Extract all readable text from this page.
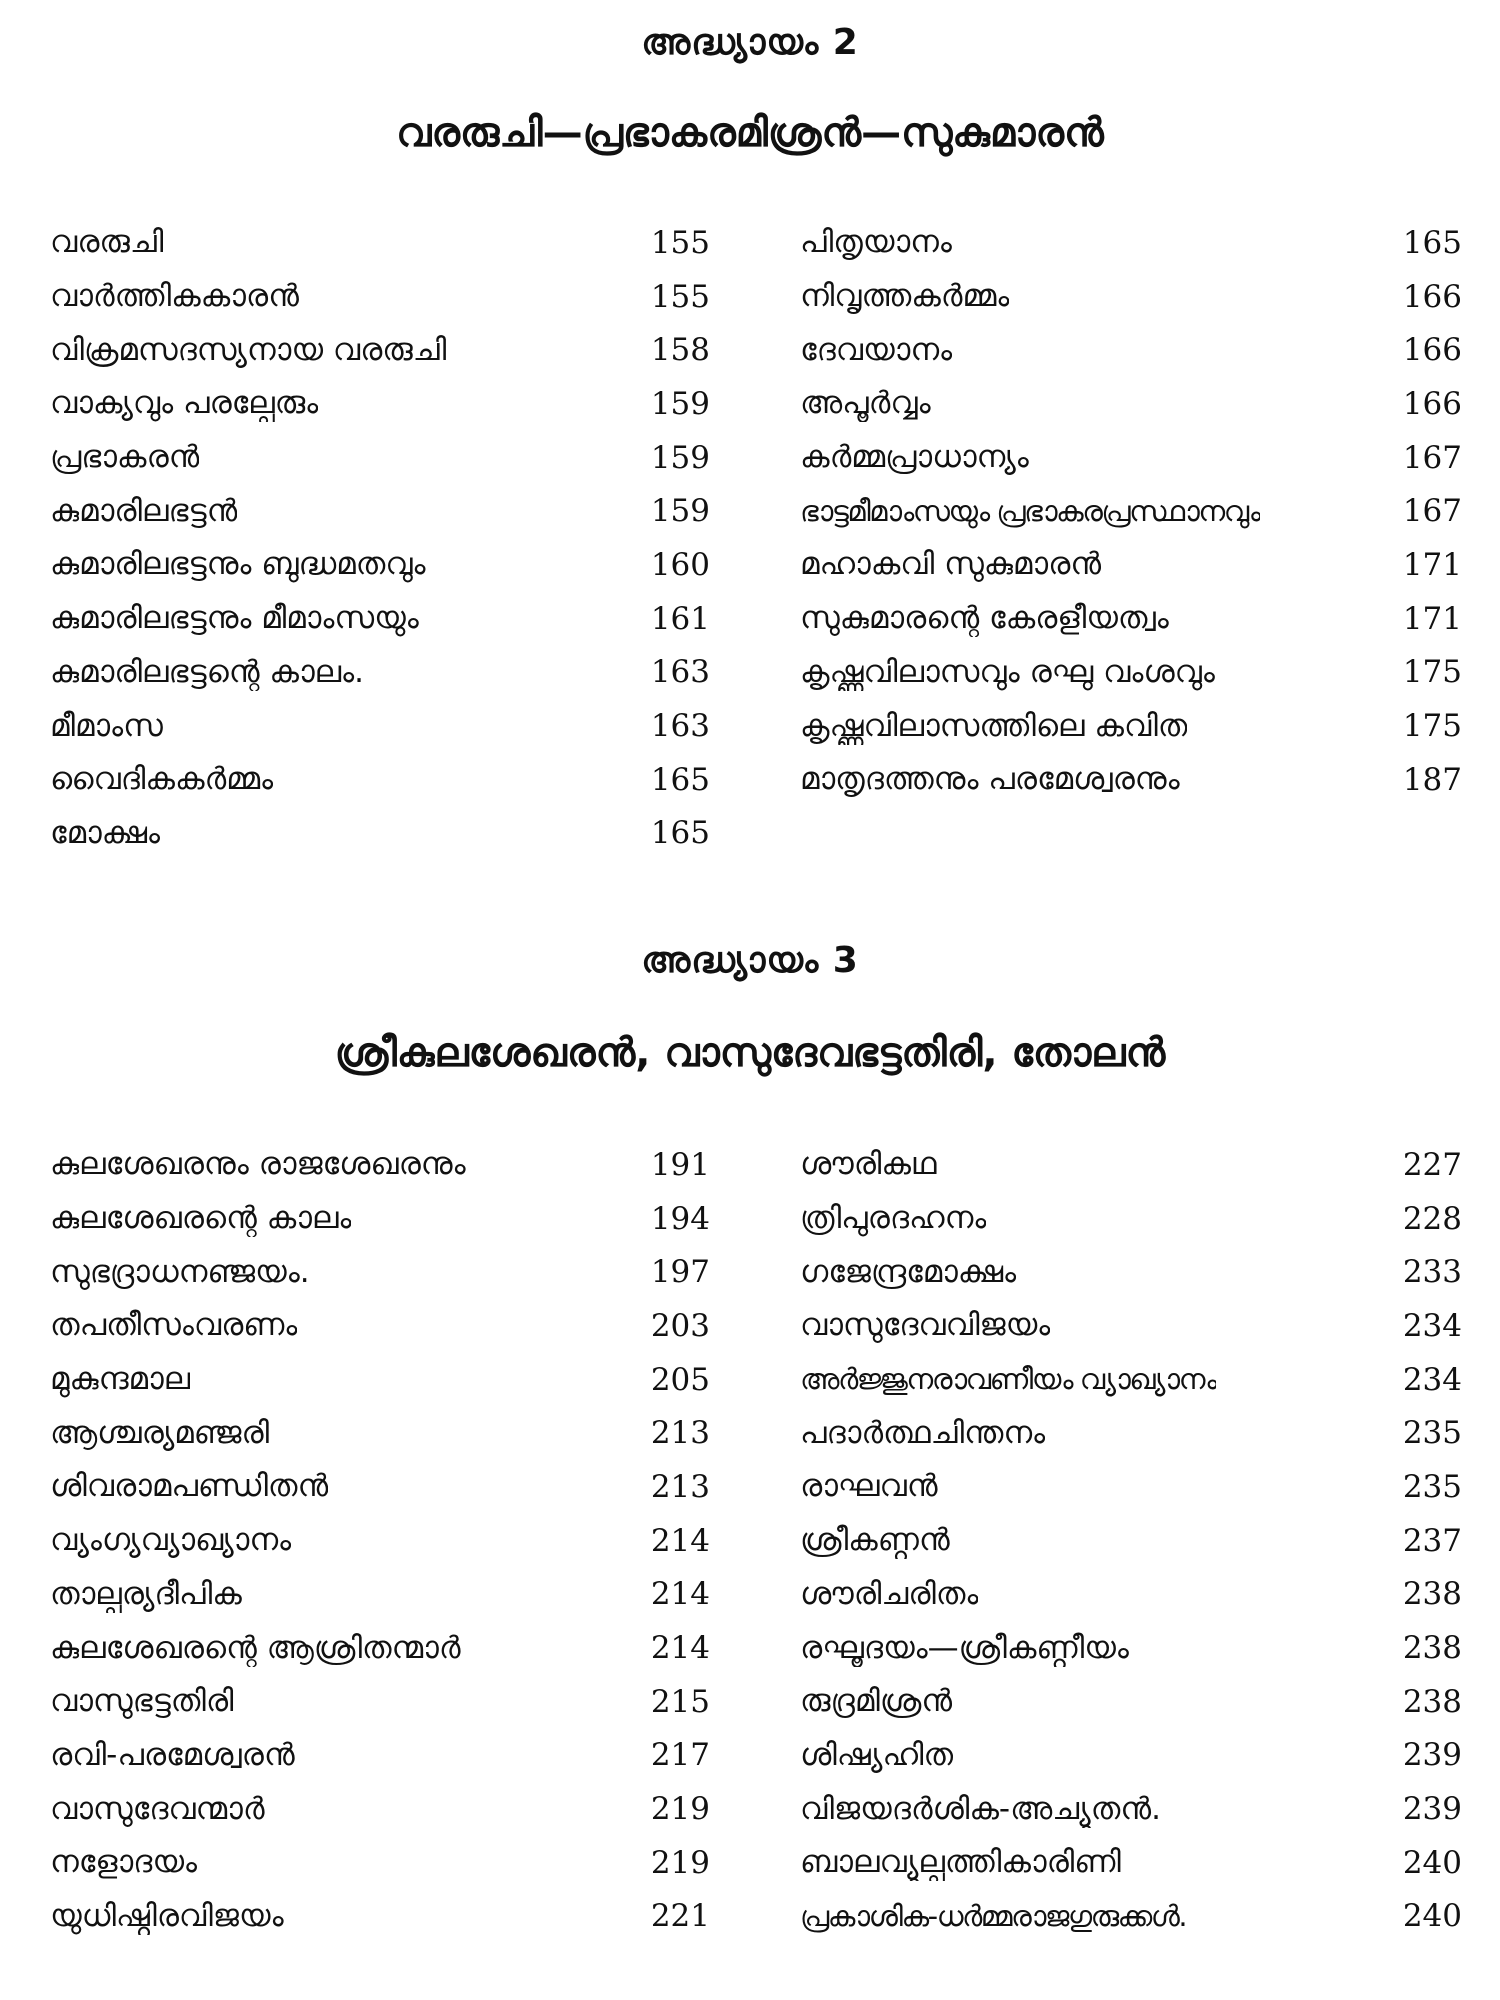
അദ്ധ്യായം 2
വരരുചി—പ്രഭാകരമിശ്രൻ—സുകുമാരൻ
വരരുചി	155
വാർത്തികകാരൻ	155
വിക്രമസദസ്യനായ വരരുചി	158
വാക്യവും പരല്പേരും	159
പ്രഭാകരൻ	159
കുമാരിലഭട്ടൻ	159
കുമാരിലഭട്ടനും ബുദ്ധമതവും	160
കുമാരിലഭട്ടനും മീമാംസയും	161
കുമാരിലഭട്ടന്റെ കാലം.	163
മീമാംസ	163
വൈദികകർമ്മം	165
മോക്ഷം	165
പിതൃയാനം	165
നിവൃത്തകർമ്മം	166
ദേവയാനം	166
അപൂർവ്വം	166
കർമ്മപ്രാധാന്യം	167
ഭാട്ടമീമാംസയും പ്രഭാകരപ്രസ്ഥാനവും	167
മഹാകവി സുകുമാരൻ	171
സുകുമാരന്റെ കേരളീയത്വം	171
കൃഷ്ണവിലാസവും രഘു വംശവും	175
കൃഷ്ണവിലാസത്തിലെ കവിത	175
മാതൃദത്തനും പരമേശ്വരനും	187
അദ്ധ്യായം 3
ശ്രീകുലശേഖരൻ, വാസുദേവഭട്ടതിരി, തോലൻ
കുലശേഖരനും രാജശേഖരനും	191
കുലശേഖരന്റെ കാലം	194
സുഭദ്രാധനഞ്ജയം.	197
തപതീസംവരണം	203
മുകുന്ദമാല	205
ആശ്ചര്യമഞ്ജരി	213
ശിവരാമപണ്ഡിതൻ	213
വ്യംഗ്യവ്യാഖ്യാനം	214
താല്പര്യദീപിക	214
കുലശേഖരന്റെ ആശ്രിതന്മാർ	214
വാസുഭട്ടതിരി	215
രവി-പരമേശ്വരൻ	217
വാസുദേവന്മാർ	219
നളോദയം	219
യുധിഷ്ഠിരവിജയം	221
ശൗരികഥ	227
ത്രിപുരദഹനം	228
ഗജേന്ദ്രമോക്ഷം	233
വാസുദേവവിജയം	234
അർജ്ജുനരാവണീയം വ്യാഖ്യാനം	234
പദാർത്ഥചിന്തനം	235
രാഘവൻ	235
ശ്രീകണ്ഠൻ	237
ശൗരിചരിതം	238
രഘൂദയം—ശ്രീകണ്ഠീയം	238
രുദ്രമിശ്രൻ	238
ശിഷ്യഹിത	239
വിജയദർശിക-അച്യുതൻ.	239
ബാലവ്യുല്പത്തികാരിണി	240
പ്രകാശിക-ധർമ്മരാജഗുരുക്കൾ.	240
